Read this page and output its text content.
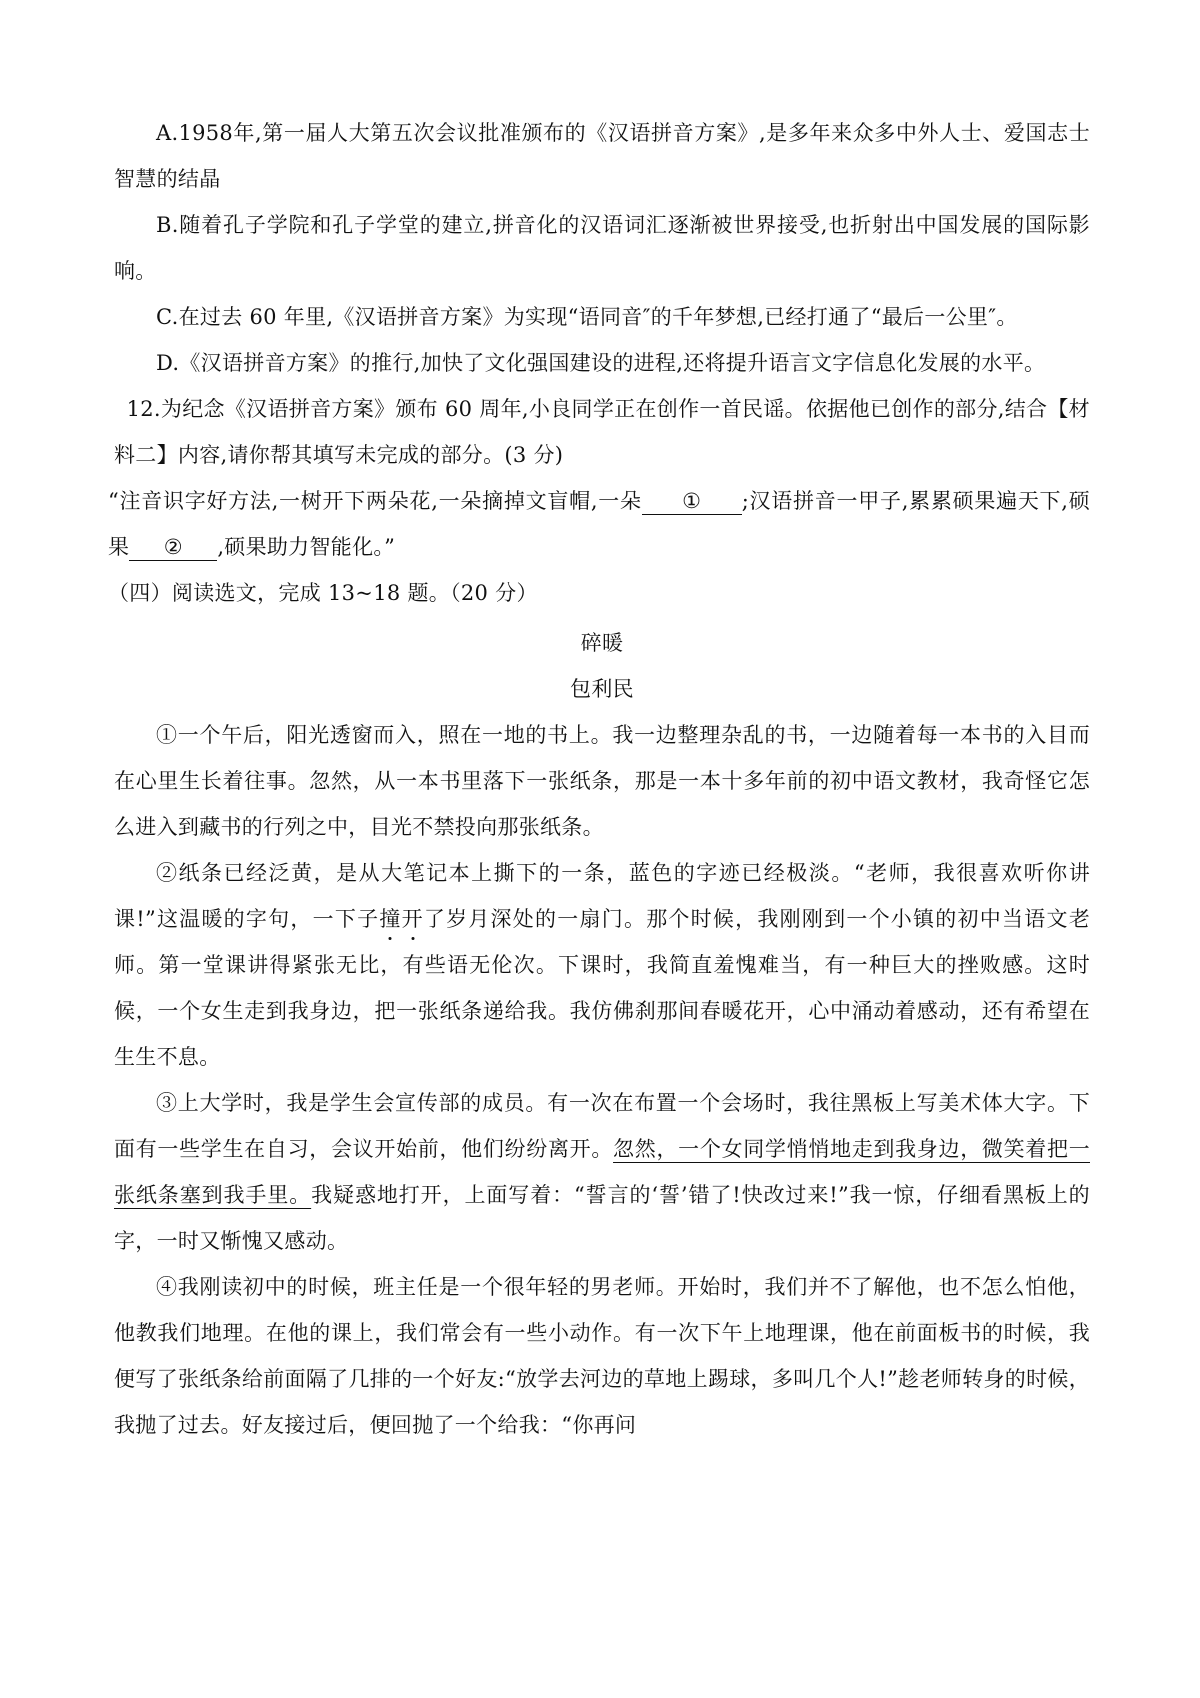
A.1958年,第一届人大第五次会议批准颁布的《汉语拼音方案》,是多年来众多中外人士、爱国志士智慧的结晶

B.随着孔子学院和孔子学堂的建立,拼音化的汉语词汇逐渐被世界接受,也折射出中国发展的国际影响。

C.在过去 60 年里,《汉语拼音方案》为实现“语同音″的千年梦想,已经打通了“最后一公里″。

D.《汉语拼音方案》的推行,加快了文化强国建设的进程,还将提升语言文字信息化发展的水平。

12.为纪念《汉语拼音方案》颁布 60 周年,小良同学正在创作一首民谣。依据他已创作的部分,结合【材料二】内容,请你帮其填写未完成的部分。(3 分)

“注音识字好方法,一树开下两朵花,一朵摘掉文盲帽,一朵 ① ;汉语拼音一甲子,累累硕果遍天下,硕果 ② ,硕果助力智能化。”

（四）阅读选文，完成 13~18 题。（20 分）

碎暖

包利民

①一个午后，阳光透窗而入，照在一地的书上。我一边整理杂乱的书，一边随着每一本书的入目而在心里生长着往事。忽然，从一本书里落下一张纸条，那是一本十多年前的初中语文教材，我奇怪它怎么进入到藏书的行列之中，目光不禁投向那张纸条。

②纸条已经泛黄，是从大笔记本上撕下的一条，蓝色的字迹已经极淡。“老师，我很喜欢听你讲课!”这温暖的字句，一下子撞开了岁月深处的一扇门。那个时候，我刚刚到一个小镇的初中当语文老师。第一堂课讲得紧张无比，有些语无伦次。下课时，我简直羞愧难当，有一种巨大的挫败感。这时候，一个女生走到我身边，把一张纸条递给我。我仿佛刹那间春暖花开，心中涌动着感动，还有希望在生生不息。

③上大学时，我是学生会宣传部的成员。有一次在布置一个会场时，我往黑板上写美术体大字。下面有一些学生在自习，会议开始前，他们纷纷离开。忽然，一个女同学悄悄地走到我身边，微笑着把一张纸条塞到我手里。我疑惑地打开，上面写着：“誓言的‘誓’错了!快改过来!”我一惊，仔细看黑板上的字，一时又惭愧又感动。

④我刚读初中的时候，班主任是一个很年轻的男老师。开始时，我们并不了解他，也不怎么怕他，他教我们地理。在他的课上，我们常会有一些小动作。有一次下午上地理课，他在前面板书的时候，我便写了张纸条给前面隔了几排的一个好友:“放学去河边的草地上踢球，多叫几个人!”趁老师转身的时候，我抛了过去。好友接过后，便回抛了一个给我：“你再问
